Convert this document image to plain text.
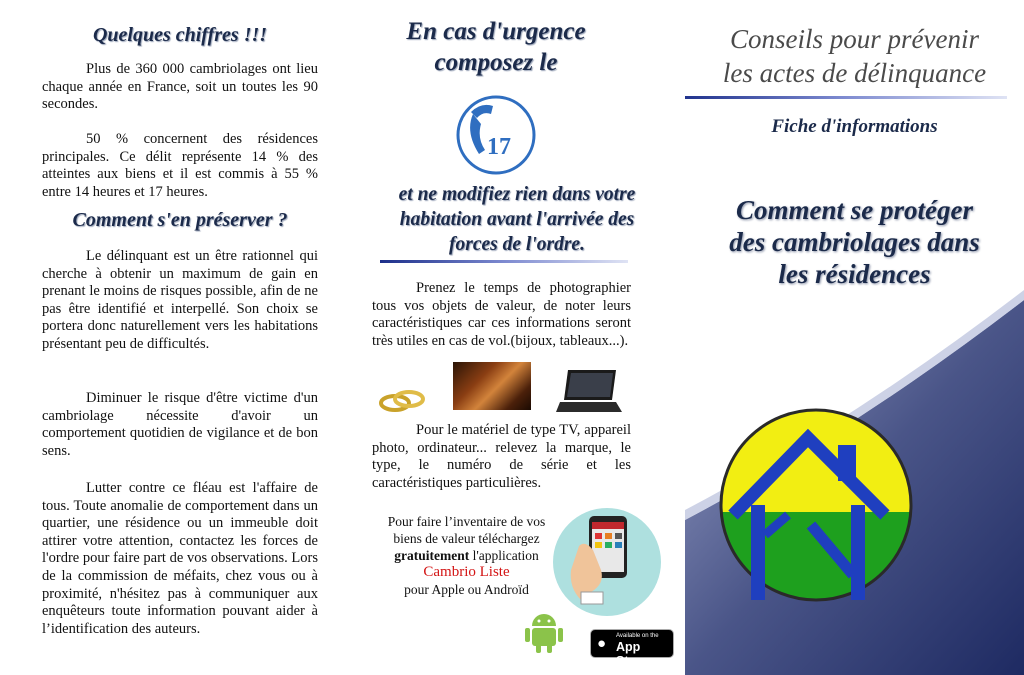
Quelques chiffres !!!

Plus de 360 000 cambriolages ont lieu chaque année en France, soit un toutes les 90 secondes.

50 % concernent des résidences principales. Ce délit représente 14 % des atteintes aux biens et il est commis à 55 % entre 14 heures et 17 heures.

Comment s'en préserver ?

Le délinquant est un être rationnel qui cherche à obtenir un maximum de gain en prenant le moins de risques possible, afin de ne pas être identifié et interpellé. Son choix se portera donc naturellement vers les habitations présentant peu de difficultés.

Diminuer le risque d'être victime d'un cambriolage nécessite d'avoir un comportement quotidien de vigilance et de bon sens.

Lutter contre ce fléau est l'affaire de tous. Toute anomalie de comportement dans un quartier, une résidence ou un immeuble doit attirer votre attention, contactez les forces de l'ordre pour faire part de vos observations. Lors de la commission de méfaits, chez vous ou à proximité, n'hésitez pas à communiquer aux enquêteurs toute information pouvant aider à l’identification des auteurs.

En cas d'urgence
composez le
17
et ne modifiez rien dans votre
habitation avant l'arrivée des
forces de l'ordre.

Prenez le temps de photographier tous vos objets de valeur, de noter leurs caractéristiques car ces informations seront très utiles en cas de vol.(bijoux, tableaux...).

Pour le matériel de type TV, appareil photo, ordinateur... relevez la marque, le type, le numéro de série et les caractéristiques particulières.

Pour faire l’inventaire de vos
biens de valeur téléchargez
gratuitement l'application
Cambrio Liste
pour Apple ou Androïd
● Available on the
App Store
Conseils pour prévenir
les actes de délinquance
Fiche d'informations
Comment se protéger
des cambriolages dans
les résidences
